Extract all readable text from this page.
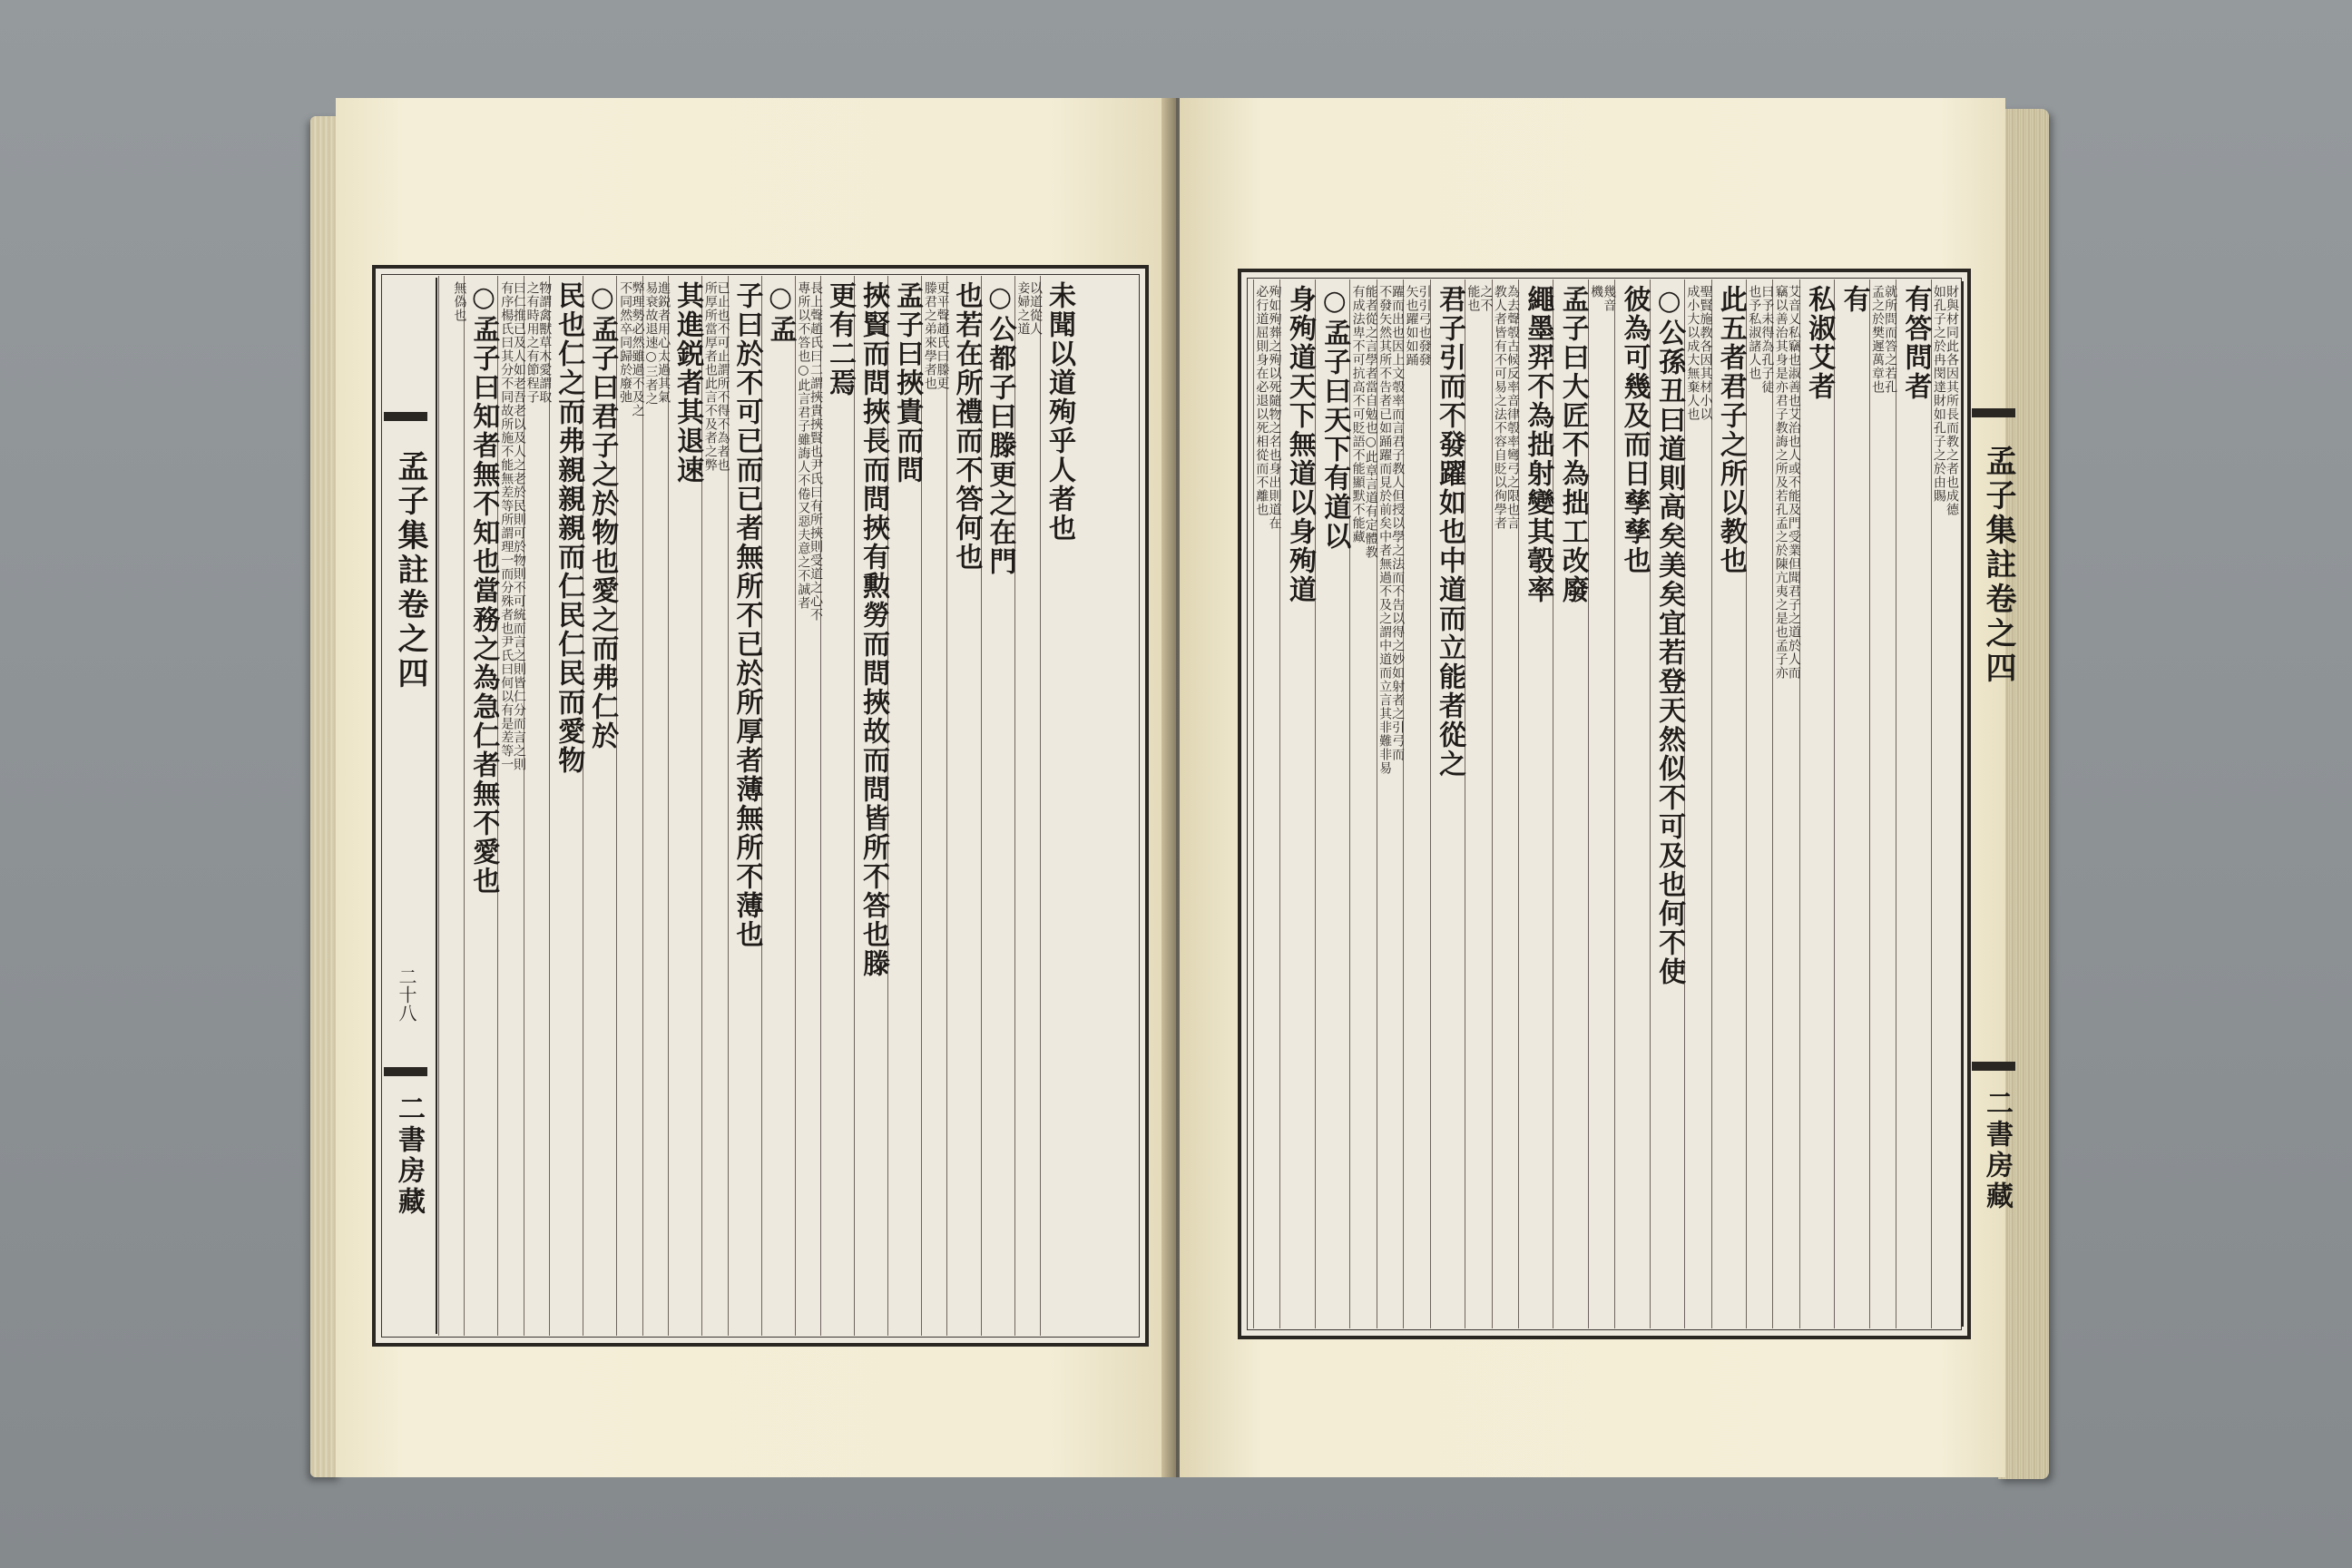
未聞以道殉乎人者也
以道從人
妾婦之道
○公都子曰滕更之在門
也若在所禮而不答何也
更平聲趙氏曰滕更
滕君之弟來學者也
孟子曰挾貴而問
挾賢而問挾長而問挾有勲勞而問挾故而問皆所不答也滕
更有二焉
長上聲趙氏曰二謂挾貴挾賢也尹氏曰有所挾則受道之心不
專所以不答也○此言君子雖誨人不倦又惡夫意之不誠者
○孟
子曰於不可已而已者無所不已於所厚者薄無所不薄也
已止也不可止謂所不得不為者也
所厚所當厚者也此言不及者之弊
其進鋭者其退速
進鋭者用心太過其氣
易衰故退速○三者之
弊理勢必然雖過不及之
不同然卒同歸於廢弛
○孟子曰君子之於物也愛之而弗仁於
民也仁之而弗親親親而仁民仁民而愛物
物謂禽獸草木愛謂取
之有時用之有節程子
曰仁推已及人如老吾老以及人之老於民則可於物則不可統而言之則皆仁分而言之則
有序楊氏曰其分不同故所施不能無差等所謂理一而分殊者也尹氏曰何以有是差等一
○孟子曰知者無不知也當務之為急仁者無不愛也
無偽也
孟子集註卷之四
二十八
二書房藏
財與材同此各因其所長而教之者也成德
如孔子之於冉閔達財如孔子之於由賜
有答問者
就所問而答之若孔
孟之於樊遲萬章也
有
私淑艾者
艾音乂私竊也淑善也艾治也人或不能及門受業但聞君子之道於人而
竊以善治其身是亦君子教誨之所及若孔孟之於陳亢夷之是也孟子亦
曰予未得為孔子徒
也予私淑諸人也
此五者君子之所以教也
聖賢施教各因其材小以
成小大以成大無棄人也
○公孫丑曰道則高矣美矣宜若登天然似不可及也何不使
彼為可幾及而日孳孳也
幾音
機
孟子曰大匠不為拙工改廢
繩墨羿不為拙射變其彀率
為去聲彀古候反率音律彀率彎弓之限也言
教人者皆有不可易之法不容自貶以徇學者
之不
能也
君子引而不發躍如也中道而立能者從之
引引弓也發發
矢也躍如如踊
躍而出也因上文彀率而言君子教人但授以學之法而不告以得之妙如射者之引弓而
不發矢然其所不告者已如踊躍而見於前矣中者無過不及之謂中道而立言其非難非易
能者從之言學者當自勉也○此章言道有定體教
有成法卑不可抗高不可貶語不能顯默不能藏
○孟子曰天下有道以
身殉道天下無道以身殉道
殉如殉葬之殉以死隨物之名也身出則道在
必行道屈則身在必退以死相從而不離也
孟子集註卷之四
二書房藏
